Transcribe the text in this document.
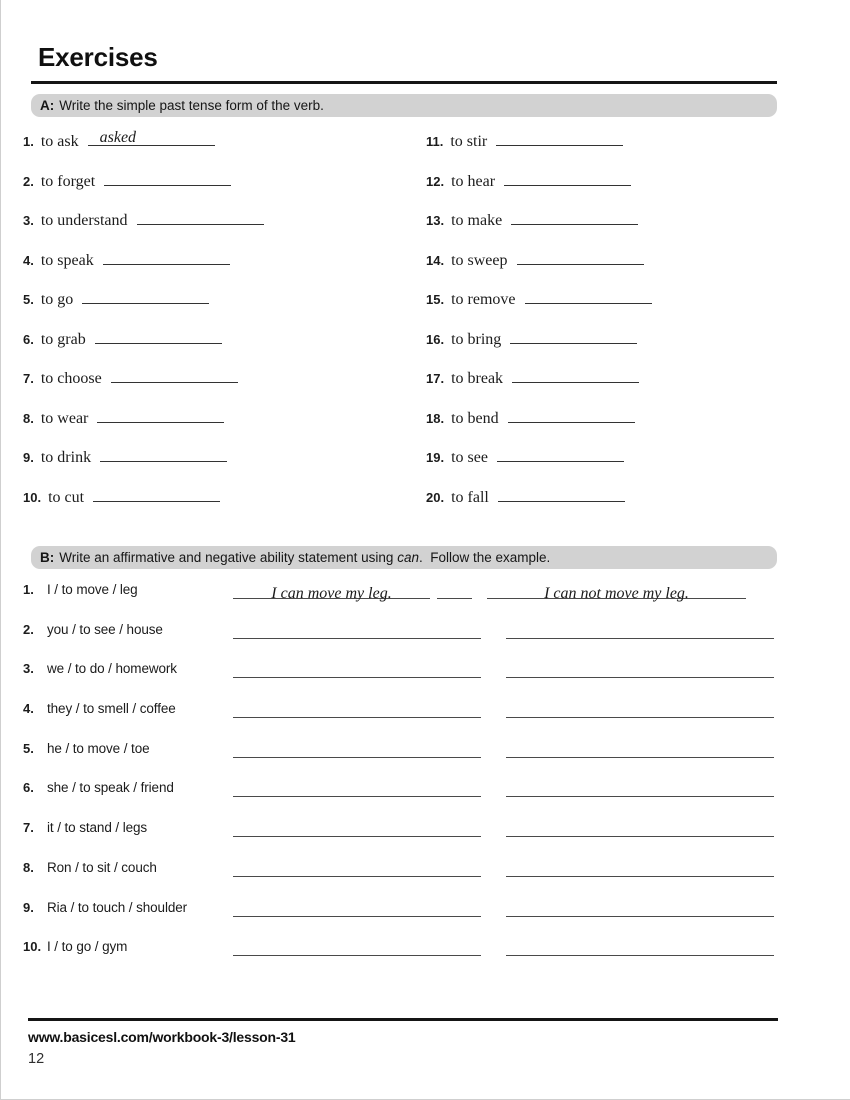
Exercises
A: Write the simple past tense form of the verb.
1. to ask asked
2. to forget
3. to understand
4. to speak
5. to go
6. to grab
7. to choose
8. to wear
9. to drink
10. to cut
11. to stir
12. to hear
13. to make
14. to sweep
15. to remove
16. to bring
17. to break
18. to bend
19. to see
20. to fall
B: Write an affirmative and negative ability statement using can .  Follow the example.
1. I / to move / leg	I can move my leg.	I can not move my leg.
2. you / to see / house
3. we / to do / homework
4. they / to smell / coffee
5. he / to move / toe
6. she / to speak / friend
7. it / to stand / legs
8. Ron / to sit / couch
9. Ria / to touch / shoulder
10. I / to go / gym
www.basicesl.com/workbook-3/lesson-31
12
